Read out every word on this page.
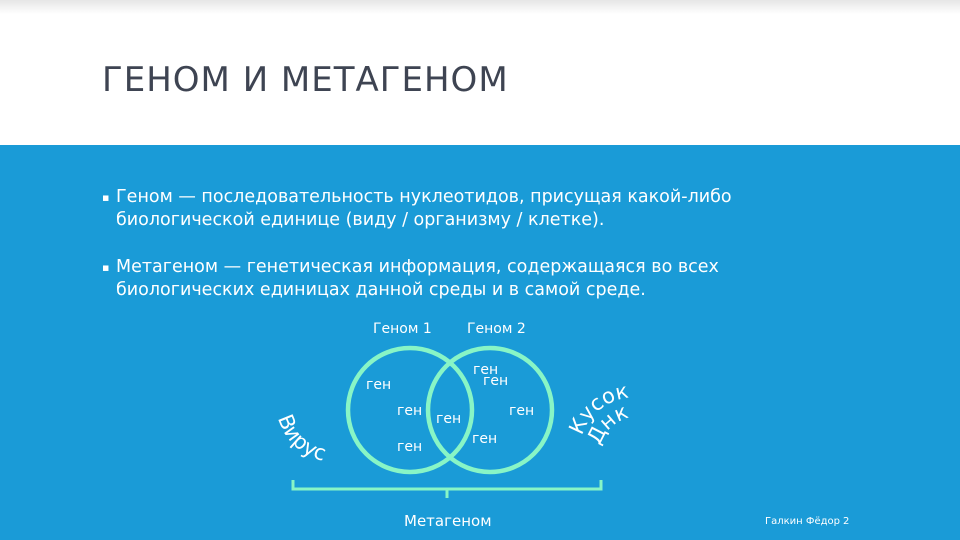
ГЕНОМ И МЕТАГЕНОМ
▪ Геном — последовательность нуклеотидов, присущая какой-либо биологической единице (виду / организму / клетке).
▪ Метагеном — генетическая информация, содержащаяся во всех биологических единицах данной среды и в самой среде.
Геном 1	Геном 2
ген
ген
ген
ген
ген
ген
ген
ген
Вирус
Кусок
Днк
Метагеном	Галкин Фёдор 2
